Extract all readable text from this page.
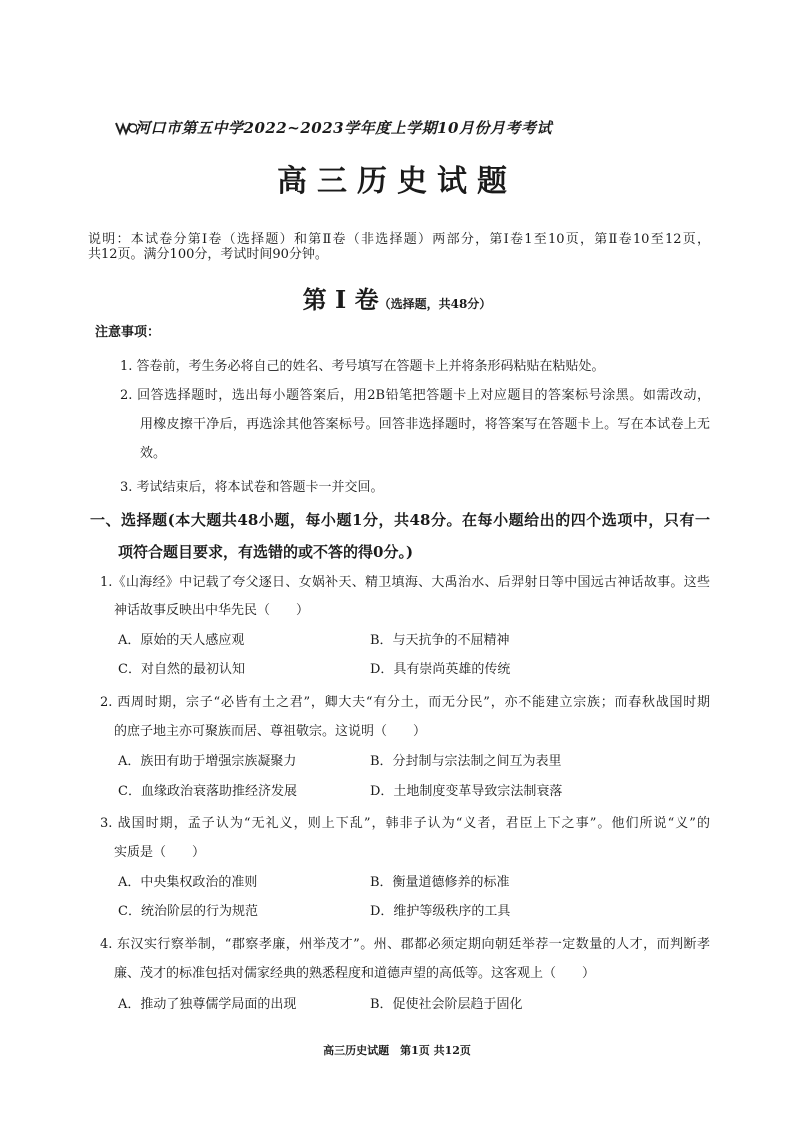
河口市第五中学2022~2023学年度上学期10月份月考考试
高三历史试题
说明：本试卷分第Ⅰ卷（选择题）和第Ⅱ卷（非选择题）两部分，第Ⅰ卷1至10页，第Ⅱ卷10至12页，
共12页。满分100分，考试时间90分钟。
第 Ⅰ 卷（选择题，共48分）
注意事项：
1. 答卷前，考生务必将自己的姓名、考号填写在答题卡上并将条形码粘贴在粘贴处。
2. 回答选择题时，选出每小题答案后，用2B铅笔把答题卡上对应题目的答案标号涂黑。如需改动，
用橡皮擦干净后，再选涂其他答案标号。回答非选择题时，将答案写在答题卡上。写在本试卷上无
效。
3. 考试结束后，将本试卷和答题卡一并交回。
一、选择题(本大题共48小题，每小题1分，共48分。在每小题给出的四个选项中，只有一
项符合题目要求，有选错的或不答的得0分。)
1.《山海经》中记载了夸父逐日、女娲补天、精卫填海、大禹治水、后羿射日等中国远古神话故事。这些
神话故事反映出中华先民（　　）
A．原始的天人感应观	B．与天抗争的不屈精神
C．对自然的最初认知	D．具有崇尚英雄的传统
2. 西周时期，宗子“必皆有土之君”，卿大夫“有分土，而无分民”，亦不能建立宗族；而春秋战国时期
的庶子地主亦可聚族而居、尊祖敬宗。这说明（　　）
A．族田有助于增强宗族凝聚力	B．分封制与宗法制之间互为表里
C．血缘政治衰落助推经济发展	D．土地制度变革导致宗法制衰落
3. 战国时期，孟子认为“无礼义，则上下乱”，韩非子认为“义者，君臣上下之事”。他们所说“义”的
实质是（　　）
A．中央集权政治的准则	B．衡量道德修养的标准
C．统治阶层的行为规范	D．维护等级秩序的工具
4. 东汉实行察举制，“郡察孝廉，州举茂才”。州、郡都必须定期向朝廷举荐一定数量的人才，而判断孝
廉、茂才的标准包括对儒家经典的熟悉程度和道德声望的高低等。这客观上（　　）
A．推动了独尊儒学局面的出现	B．促使社会阶层趋于固化
高三历史试题　第1页 共12页
